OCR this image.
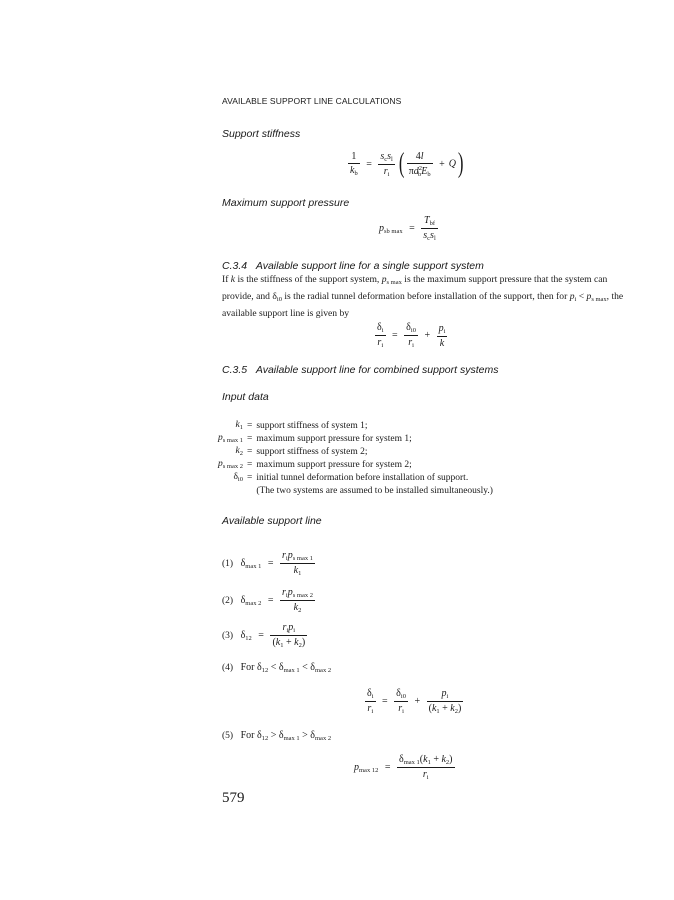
AVAILABLE SUPPORT LINE CALCULATIONS
Support stiffness
$\frac{1}{k_b} = \frac{s_cs_l}{r_i}$ ( $\frac{4l}{\pi d^2_bE_b} + Q$)
Maximum support pressure
$p_{sb max} = \frac{T_{bf}}{s_cs_l}$
C.3.4 Available support line for a single support system
If k is the stiffness of the support system, $p_{s max}$ is the maximum support pressure that the system can provide, and $\delta_{i0}$ is the radial tunnel deformation before installation of the support, then for $p_i < p_{s max}$, the available support line is given by
$\frac{\delta_i}{r_i} = \frac{\delta_{i0}}{r_i} + \frac{p_i}{k}$
C.3.5 Available support line for combined support systems
Input data
$k_1$	=	support stiffness of system 1;
$p_{s max 1}$	=	maximum support pressure for system 1;
$k_2$	=	support stiffness of system 2;
$p_{s max 2}$	=	maximum support pressure for system 2;
$\delta_{i0}$	=	initial tunnel deformation before installation of support.
		(The two systems are assumed to be installed simultaneously.)
Available support line
(1) $\delta_{max 1} = \frac{r_ip_{s max 1}}{k_1}$
(2) $\delta_{max 2} = \frac{r_ip_{s max 2}}{k_2}$
(3) $\delta_{12} = \frac{r_ip_i}{(k_1 + k_2)}$
(4) For $\delta_{12} < \delta_{max 1} < \delta_{max 2}$
$\frac{\delta_i}{r_i} = \frac{\delta_{i0}}{r_i} + \frac{p_i}{(k_1 + k_2)}$
(5) For $\delta_{12} > \delta_{max 1} > \delta_{max 2}$
$p_{max 12} = \frac{\delta_{max 1}(k_1 + k_2)}{r_i}$
579
